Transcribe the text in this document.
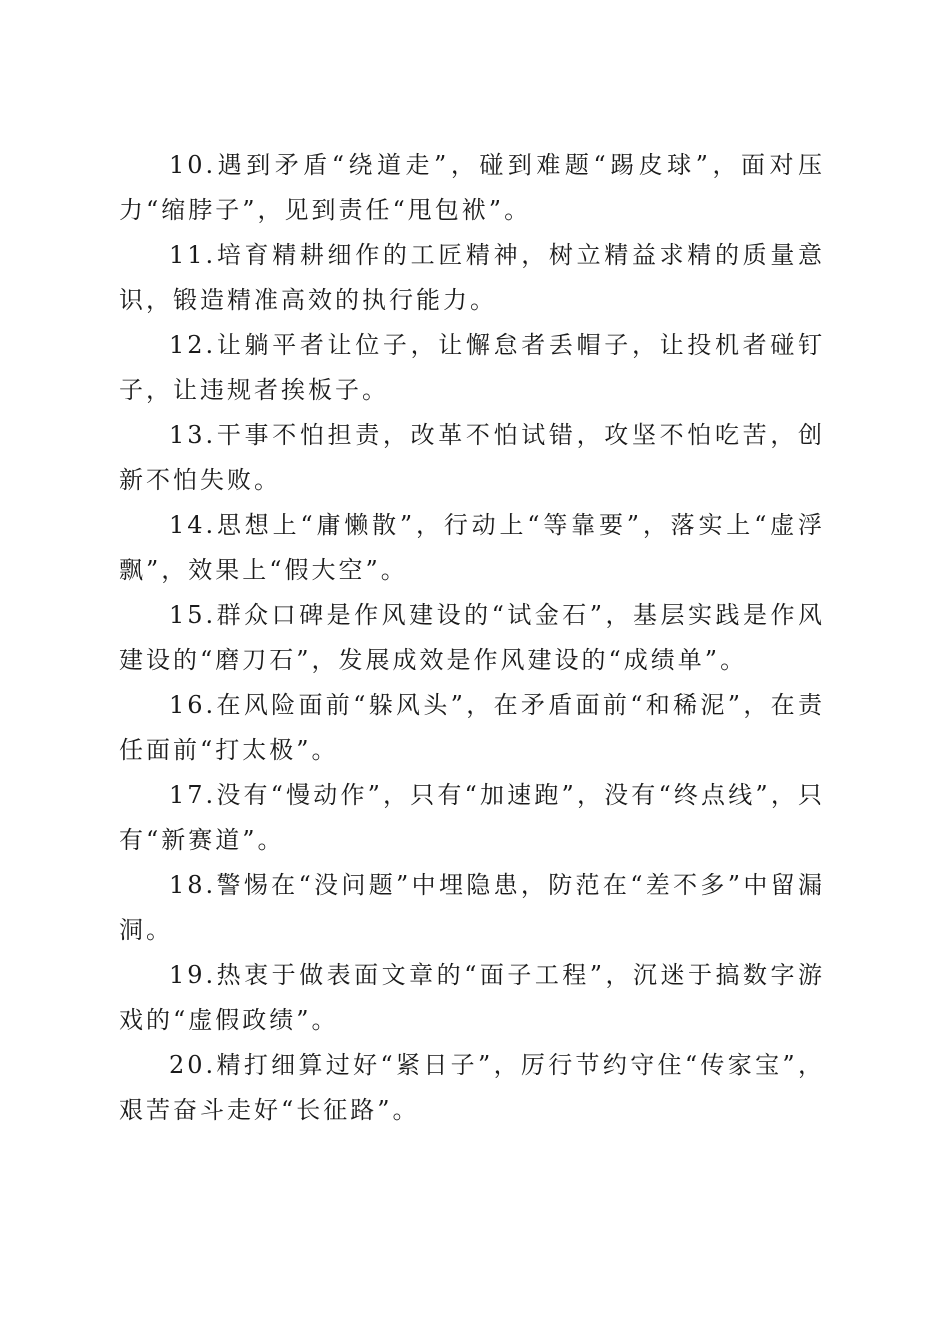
10.遇到矛盾“绕道走”，碰到难题“踢皮球”，面对压力“缩脖子”，见到责任“甩包袱”。

11.培育精耕细作的工匠精神，树立精益求精的质量意识，锻造精准高效的执行能力。

12.让躺平者让位子，让懈怠者丢帽子，让投机者碰钉子，让违规者挨板子。

13.干事不怕担责，改革不怕试错，攻坚不怕吃苦，创新不怕失败。

14.思想上“庸懒散”，行动上“等靠要”，落实上“虚浮飘”，效果上“假大空”。

15.群众口碑是作风建设的“试金石”，基层实践是作风建设的“磨刀石”，发展成效是作风建设的“成绩单”。

16.在风险面前“躲风头”，在矛盾面前“和稀泥”，在责任面前“打太极”。

17.没有“慢动作”，只有“加速跑”，没有“终点线”，只有“新赛道”。

18.警惕在“没问题”中埋隐患，防范在“差不多”中留漏洞。

19.热衷于做表面文章的“面子工程”，沉迷于搞数字游戏的“虚假政绩”。

20.精打细算过好“紧日子”，厉行节约守住“传家宝”，艰苦奋斗走好“长征路”。
